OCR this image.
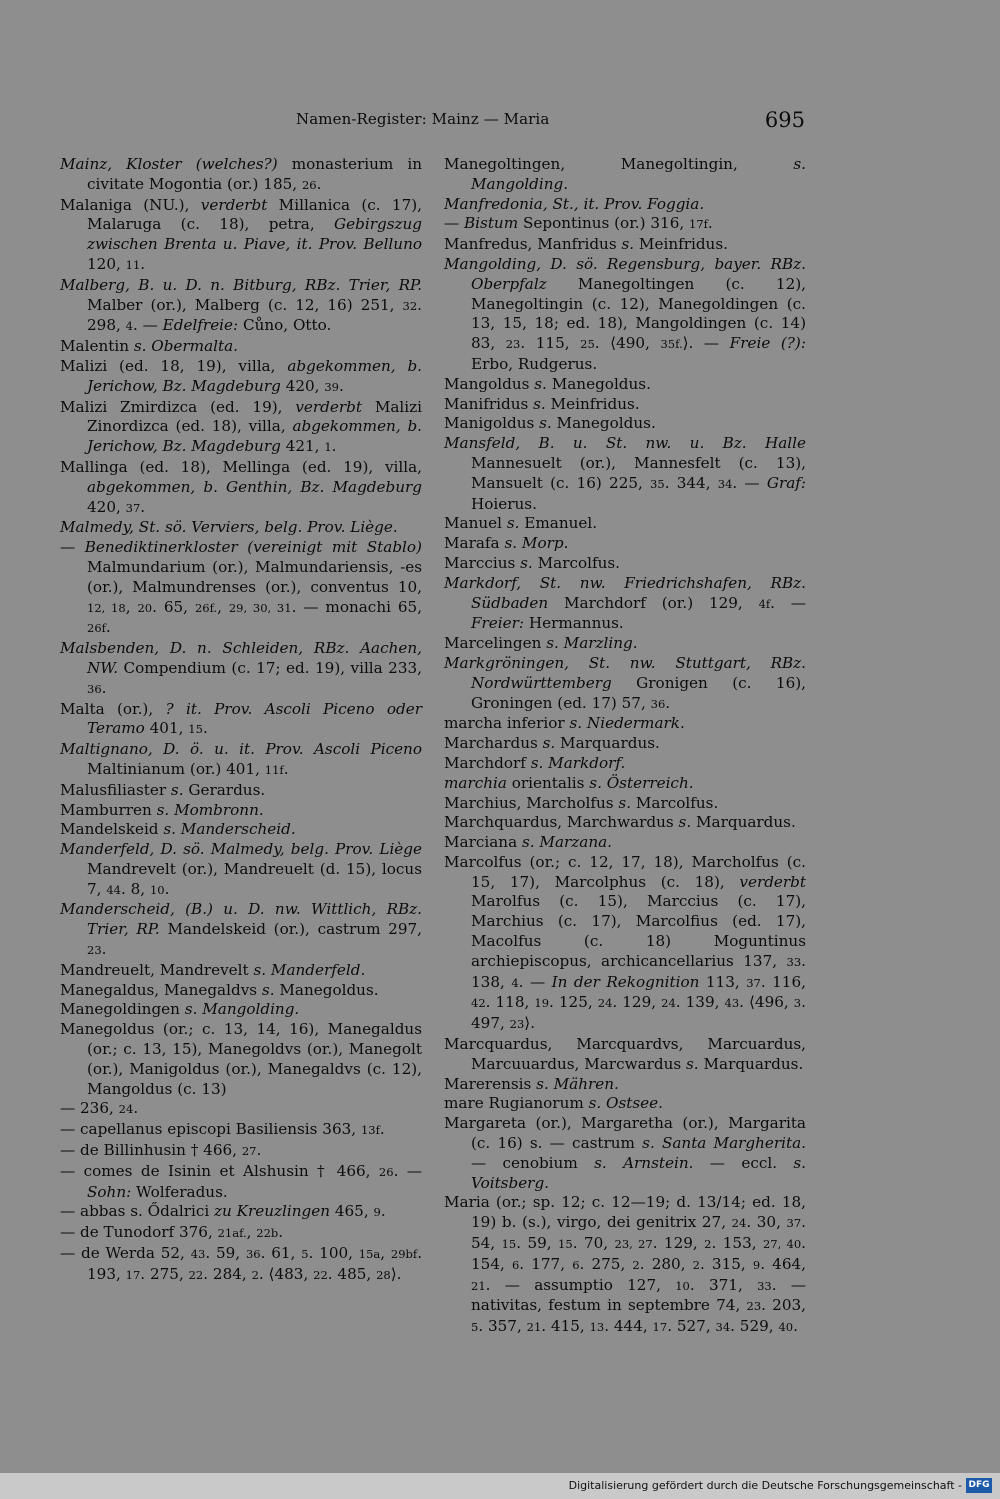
Namen-Register: Mainz — Maria	695
Mainz, Kloster (welches?) monasterium in civitate Mogontia (or.) 185, 26.
Malaniga (NU.), verderbt Millanica (c. 17), Malaruga (c. 18), petra, Gebirgszug zwischen Brenta u. Piave, it. Prov. Belluno 120, 11.
Malberg, B. u. D. n. Bitburg, RBz. Trier, RP. Malber (or.), Malberg (c. 12, 16) 251, 32. 298, 4. — Edelfreie: Cůno, Otto.
Malentin s. Obermalta.
Malizi (ed. 18, 19), villa, abgekommen, b. Jerichow, Bz. Magdeburg 420, 39.
Malizi Zmirdizca (ed. 19), verderbt Malizi Zinordizca (ed. 18), villa, abgekommen, b. Jerichow, Bz. Magdeburg 421, 1.
Mallinga (ed. 18), Mellinga (ed. 19), villa, abgekommen, b. Genthin, Bz. Magdeburg 420, 37.
Malmedy, St. sö. Verviers, belg. Prov. Liège.
— Benediktinerkloster (vereinigt mit Stablo) Malmundarium (or.), Malmundariensis, -es (or.), Malmundrenses (or.), conventus 10, 12, 18, 20. 65, 26f., 29, 30, 31. — monachi 65, 26f.
Malsbenden, D. n. Schleiden, RBz. Aachen, NW. Compendium (c. 17; ed. 19), villa 233, 36.
Malta (or.), ? it. Prov. Ascoli Piceno oder Teramo 401, 15.
Maltignano, D. ö. u. it. Prov. Ascoli Piceno Maltinianum (or.) 401, 11f.
Malusfiliaster s. Gerardus.
Mamburren s. Mombronn.
Mandelskeid s. Manderscheid.
Manderfeld, D. sö. Malmedy, belg. Prov. Liège Mandrevelt (or.), Mandreuelt (d. 15), locus 7, 44. 8, 10.
Manderscheid, (B.) u. D. nw. Wittlich, RBz. Trier, RP. Mandelskeid (or.), castrum 297, 23.
Mandreuelt, Mandrevelt s. Manderfeld.
Manegaldus, Manegaldvs s. Manegoldus.
Manegoldingen s. Mangolding.
Manegoldus (or.; c. 13, 14, 16), Manegaldus (or.; c. 13, 15), Manegoldvs (or.), Manegolt (or.), Manigoldus (or.), Manegaldvs (c. 12), Mangoldus (c. 13)
— 236, 24.
— capellanus episcopi Basiliensis 363, 13f.
— de Billinhusin † 466, 27.
— comes de Isinin et Alshusin † 466, 26. — Sohn: Wolferadus.
— abbas s. Ődalrici zu Kreuzlingen 465, 9.
— de Tunodorf 376, 21af., 22b.
— de Werda 52, 43. 59, 36. 61, 5. 100, 15a, 29bf. 193, 17. 275, 22. 284, 2. ⟨483, 22. 485, 28⟩.
Manegoltingen, Manegoltingin, s. Mangolding.
Manfredonia, St., it. Prov. Foggia.
— Bistum Sepontinus (or.) 316, 17f.
Manfredus, Manfridus s. Meinfridus.
Mangolding, D. sö. Regensburg, bayer. RBz. Oberpfalz Manegoltingen (c. 12), Manegoltingin (c. 12), Manegoldingen (c. 13, 15, 18; ed. 18), Mangoldingen (c. 14) 83, 23. 115, 25. ⟨490, 35f.⟩. — Freie (?): Erbo, Rudgerus.
Mangoldus s. Manegoldus.
Manifridus s. Meinfridus.
Manigoldus s. Manegoldus.
Mansfeld, B. u. St. nw. u. Bz. Halle Mannesuelt (or.), Mannesfelt (c. 13), Mansuelt (c. 16) 225, 35. 344, 34. — Graf: Hoierus.
Manuel s. Emanuel.
Marafa s. Morp.
Marccius s. Marcolfus.
Markdorf, St. nw. Friedrichshafen, RBz. Südbaden Marchdorf (or.) 129, 4f. — Freier: Hermannus.
Marcelingen s. Marzling.
Markgröningen, St. nw. Stuttgart, RBz. Nordwürttemberg Gronigen (c. 16), Groningen (ed. 17) 57, 36.
marcha inferior s. Niedermark.
Marchardus s. Marquardus.
Marchdorf s. Markdorf.
marchia orientalis s. Österreich.
Marchius, Marcholfus s. Marcolfus.
Marchquardus, Marchwardus s. Marquardus.
Marciana s. Marzana.
Marcolfus (or.; c. 12, 17, 18), Marcholfus (c. 15, 17), Marcolphus (c. 18), verderbt Marolfus (c. 15), Marccius (c. 17), Marchius (c. 17), Marcolfius (ed. 17), Macolfus (c. 18) Moguntinus archiepiscopus, archicancellarius 137, 33. 138, 4. — In der Rekognition 113, 37. 116, 42. 118, 19. 125, 24. 129, 24. 139, 43. ⟨496, 3. 497, 23⟩.
Marcquardus, Marcquardvs, Marcuardus, Marcuuardus, Marcwardus s. Marquardus.
Marerensis s. Mähren.
mare Rugianorum s. Ostsee.
Margareta (or.), Margaretha (or.), Margarita (c. 16) s. — castrum s. Santa Margherita. — cenobium s. Arnstein. — eccl. s. Voitsberg.
Maria (or.; sp. 12; c. 12—19; d. 13/14; ed. 18, 19) b. (s.), virgo, dei genitrix 27, 24. 30, 37. 54, 15. 59, 15. 70, 23, 27. 129, 2. 153, 27, 40. 154, 6. 177, 6. 275, 2. 280, 2. 315, 9. 464, 21. — assumptio 127, 10. 371, 33. — nativitas, festum in septembre 74, 23. 203, 5. 357, 21. 415, 13. 444, 17. 527, 34. 529, 40.
Digitalisierung gefördert durch die Deutsche Forschungsgemeinschaft - DFG
